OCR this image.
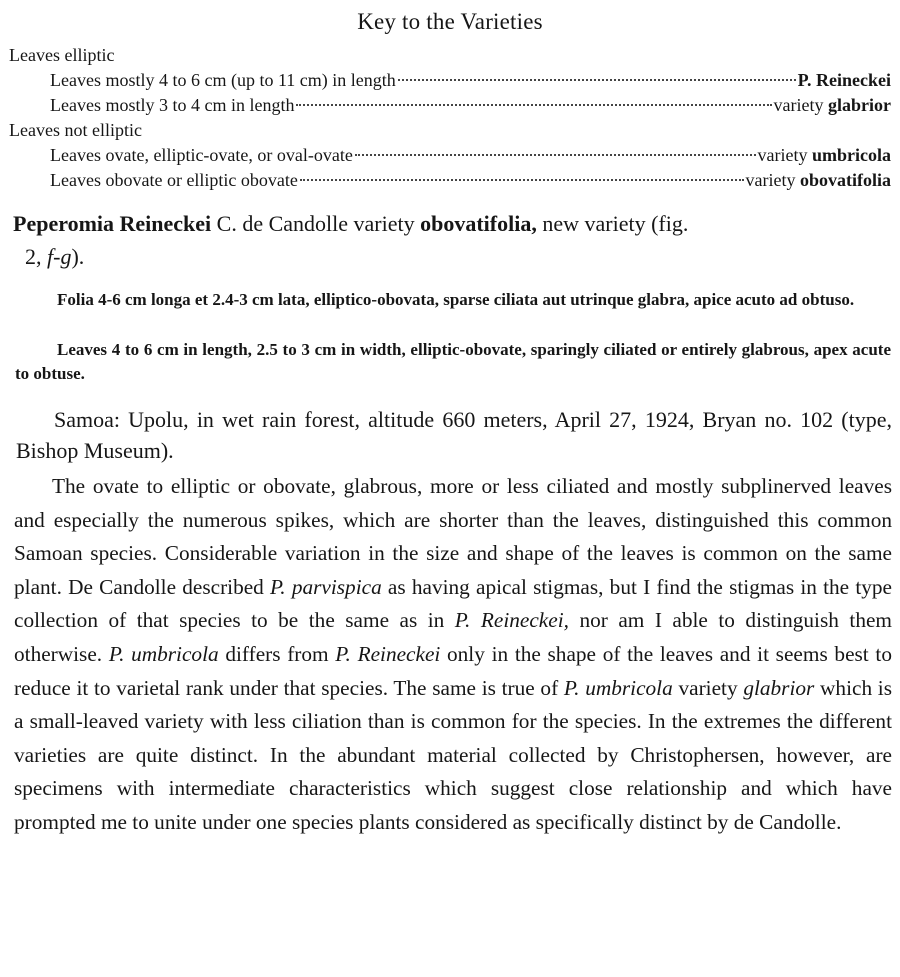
Key to the Varieties
Leaves elliptic
Leaves mostly 4 to 6 cm (up to 11 cm) in length	P. Reineckei
Leaves mostly 3 to 4 cm in length	variety glabrior
Leaves not elliptic
Leaves ovate, elliptic-ovate, or oval-ovate	variety umbricola
Leaves obovate or elliptic obovate	variety obovatifolia
Peperomia Reineckei C. de Candolle variety obovatifolia, new variety (fig.
2, f-g).
Folia 4-6 cm longa et 2.4-3 cm lata, elliptico-obovata, sparse ciliata aut utrinque glabra, apice acuto ad obtuso.
Leaves 4 to 6 cm in length, 2.5 to 3 cm in width, elliptic-obovate, sparingly ciliated or entirely glabrous, apex acute to obtuse.
Samoa: Upolu, in wet rain forest, altitude 660 meters, April 27, 1924, Bryan no. 102 (type, Bishop Museum).
The ovate to elliptic or obovate, glabrous, more or less ciliated and mostly subplinerved leaves and especially the numerous spikes, which are shorter than the leaves, distinguished this common Samoan species. Considerable variation in the size and shape of the leaves is common on the same plant. De Candolle described P. parvispica as having apical stigmas, but I find the stigmas in the type collection of that species to be the same as in P. Reineckei, nor am I able to distinguish them otherwise. P. umbricola differs from P. Reineckei only in the shape of the leaves and it seems best to reduce it to varietal rank under that species. The same is true of P. umbricola variety glabrior which is a small-leaved variety with less ciliation than is common for the species. In the extremes the different varieties are quite distinct. In the abundant material collected by Christophersen, however, are specimens with intermediate characteristics which suggest close relationship and which have prompted me to unite under one species plants considered as specifically distinct by de Candolle.
